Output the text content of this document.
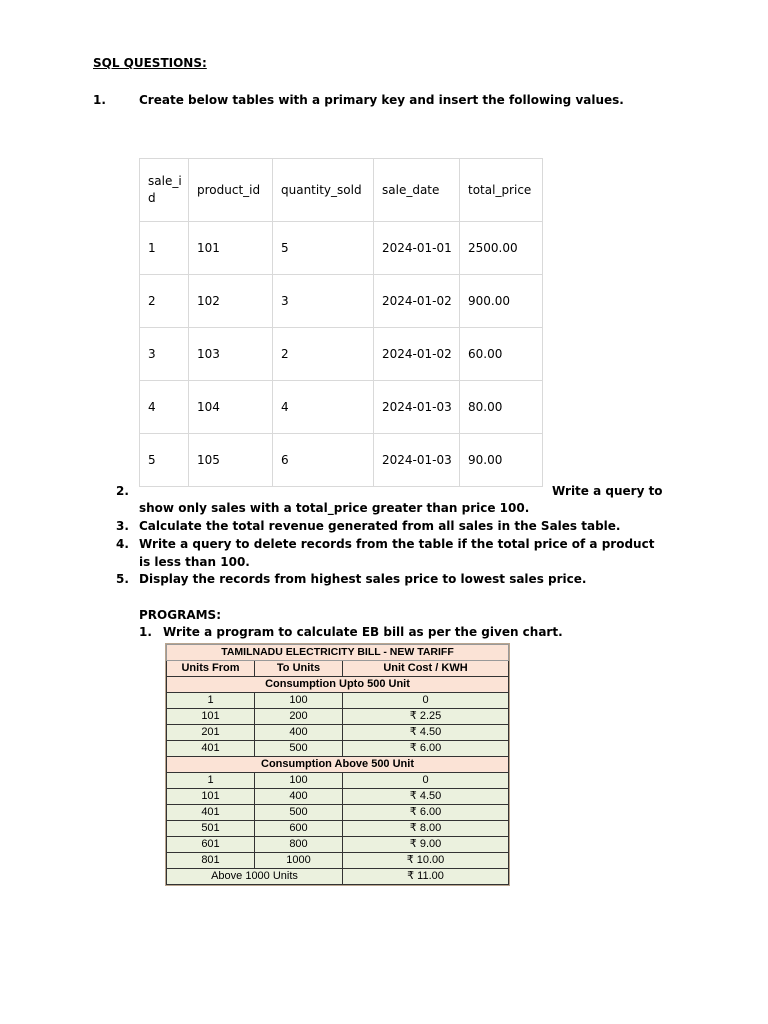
SQL QUESTIONS:
1.	Create below tables with a primary key and insert the following values.
sale_i
d	product_id	quantity_sold	sale_date	total_price
1	101	5	2024-01-01	2500.00
2	102	3	2024-01-02	900.00
3	103	2	2024-01-02	60.00
4	104	4	2024-01-03	80.00
5	105	6	2024-01-03	90.00
2.	Write a query to
show only sales with a total_price greater than price 100.
3. Calculate the total revenue generated from all sales in the Sales table.
4. Write a query to delete records from the table if the total price of a product is less than 100.
5. Display the records from highest sales price to lowest sales price.
PROGRAMS:
1. Write a program to calculate EB bill as per the given chart.
TAMILNADU ELECTRICITY BILL - NEW TARIFF		
Units From	To Units	Unit Cost / KWH
Consumption Upto 500 Unit		
1	100	0
101	200	₹ 2.25
201	400	₹ 4.50
401	500	₹ 6.00
Consumption Above 500 Unit		
1	100	0
101	400	₹ 4.50
401	500	₹ 6.00
501	600	₹ 8.00
601	800	₹ 9.00
801	1000	₹ 10.00
Above 1000 Units		₹ 11.00
